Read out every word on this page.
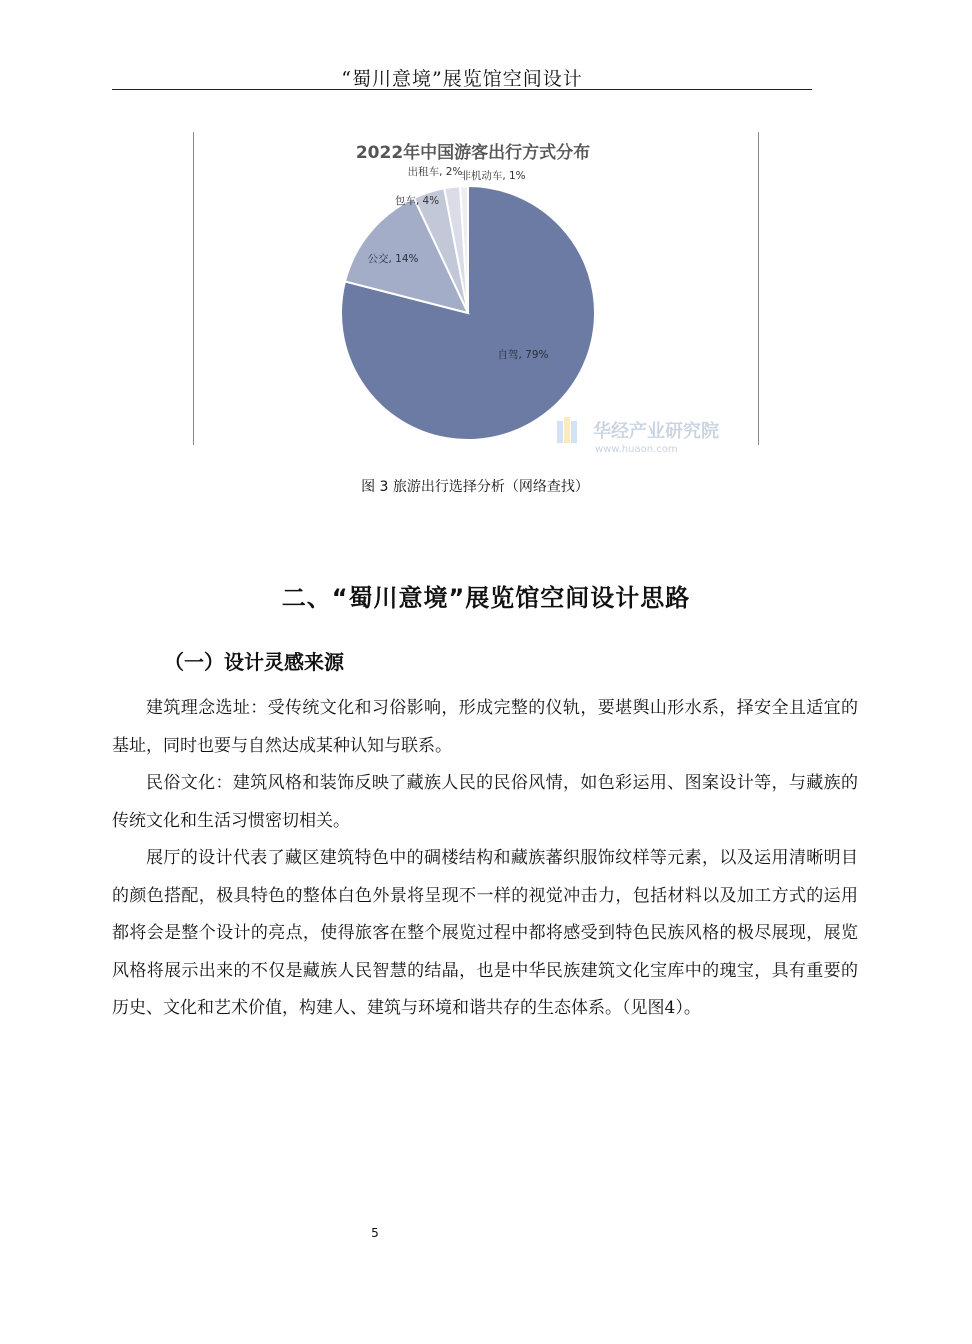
“蜀川意境”展览馆空间设计
2022年中国游客出行方式分布
自驾, 79%
公交, 14%
包车, 4%
出租车, 2%
非机动车, 1%
华经产业研究院
www.huaon.com
图 3 旅游出行选择分析（网络查找）
二、“蜀川意境”展览馆空间设计思路
（一）设计灵感来源

建筑理念选址：受传统文化和习俗影响，形成完整的仪轨，要堪舆山形水系，择安全且适宜的基址，同时也要与自然达成某种认知与联系。

民俗文化：建筑风格和装饰反映了藏族人民的民俗风情，如色彩运用、图案设计等，与藏族的传统文化和生活习惯密切相关。

展厅的设计代表了藏区建筑特色中的碉楼结构和藏族蕃织服饰纹样等元素，以及运用清晰明目的颜色搭配，极具特色的整体白色外景将呈现不一样的视觉冲击力，包括材料以及加工方式的运用都将会是整个设计的亮点，使得旅客在整个展览过程中都将感受到特色民族风格的极尽展现，展览风格将展示出来的不仅是藏族人民智慧的结晶，也是中华民族建筑文化宝库中的瑰宝，具有重要的历史、文化和艺术价值，构建人、建筑与环境和谐共存的生态体系。（见图4）。

5
